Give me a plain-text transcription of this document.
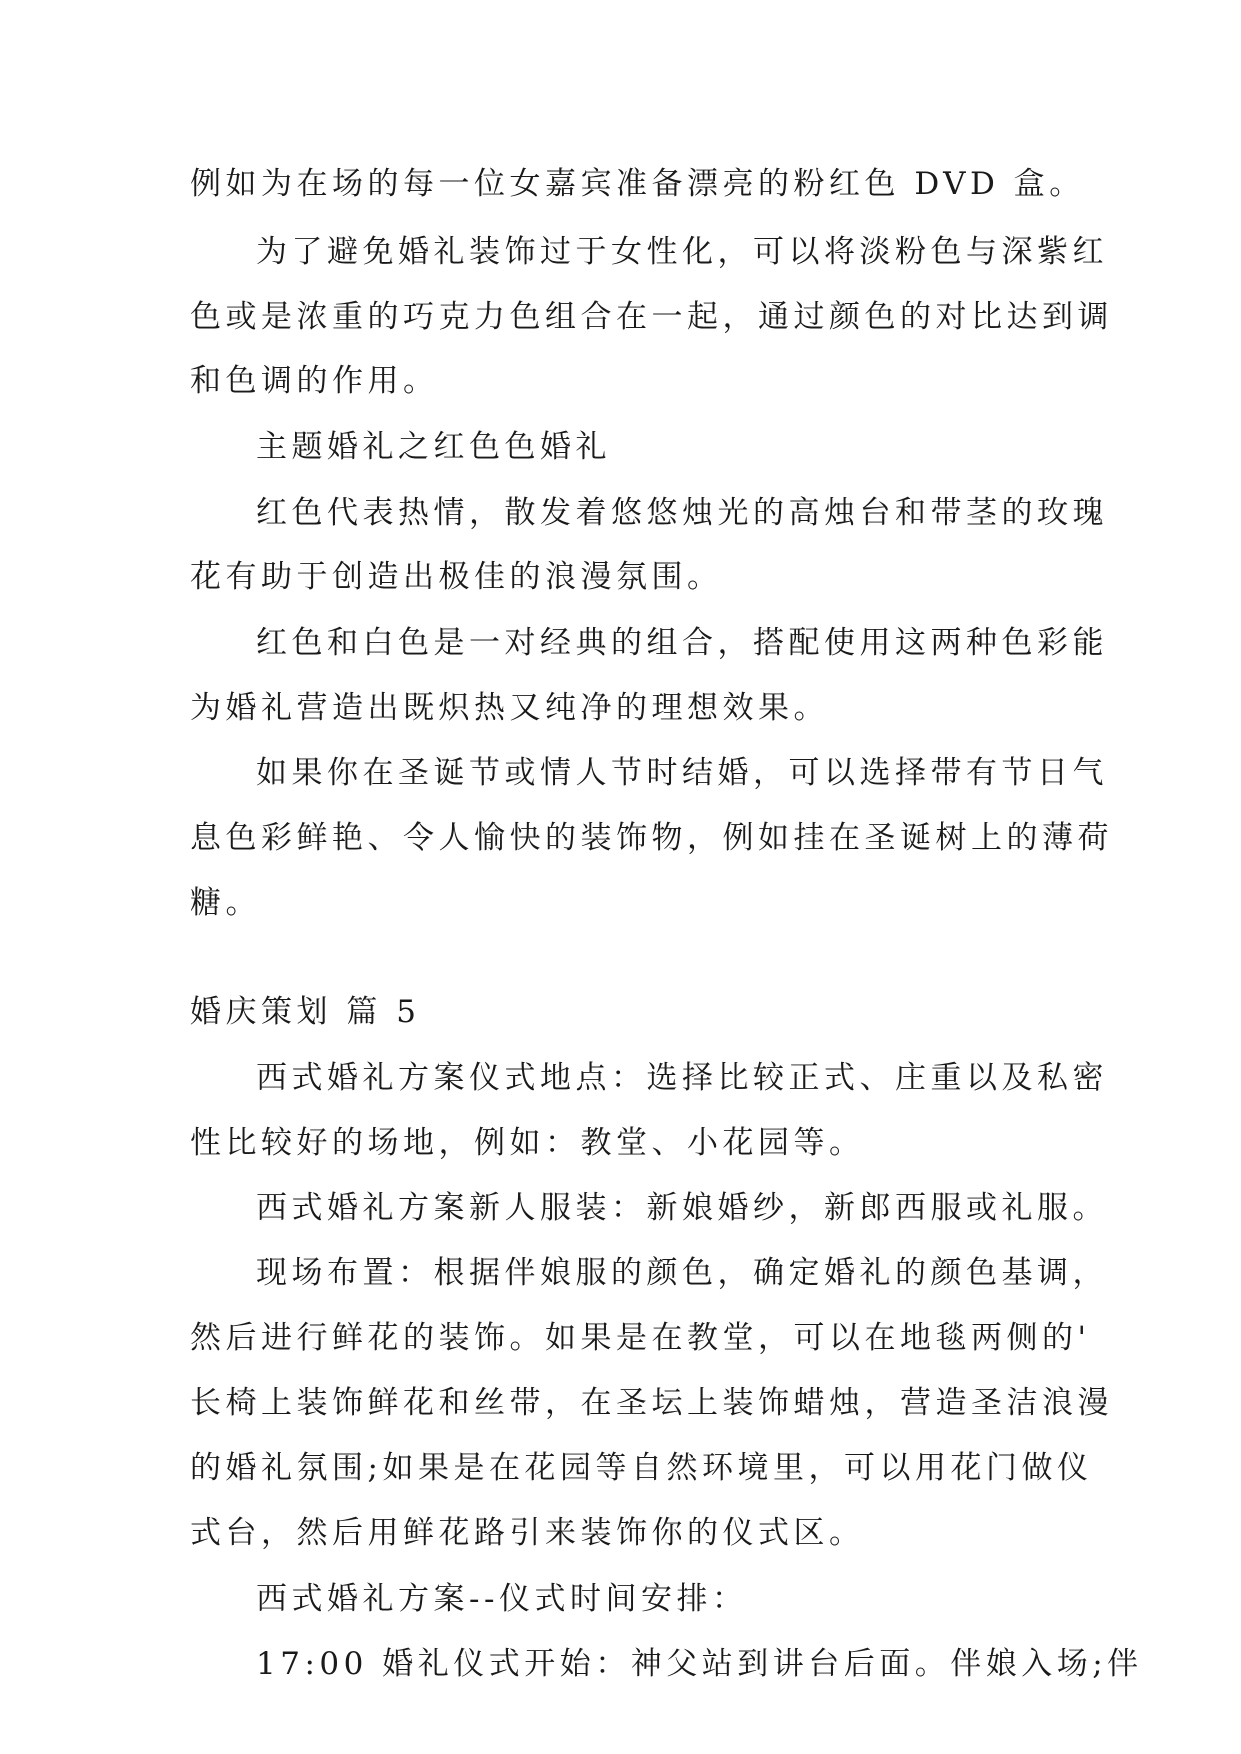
例如为在场的每一位女嘉宾准备漂亮的粉红色 DVD 盒。
为了避免婚礼装饰过于女性化，可以将淡粉色与深紫红
色或是浓重的巧克力色组合在一起，通过颜色的对比达到调
和色调的作用。
主题婚礼之红色色婚礼
红色代表热情，散发着悠悠烛光的高烛台和带茎的玫瑰
花有助于创造出极佳的浪漫氛围。
红色和白色是一对经典的组合，搭配使用这两种色彩能
为婚礼营造出既炽热又纯净的理想效果。
如果你在圣诞节或情人节时结婚，可以选择带有节日气
息色彩鲜艳、令人愉快的装饰物，例如挂在圣诞树上的薄荷
糖。
婚庆策划 篇 5
西式婚礼方案仪式地点：选择比较正式、庄重以及私密
性比较好的场地，例如：教堂、小花园等。
西式婚礼方案新人服装：新娘婚纱，新郎西服或礼服。
现场布置：根据伴娘服的颜色，确定婚礼的颜色基调，
然后进行鲜花的装饰。如果是在教堂，可以在地毯两侧的'
长椅上装饰鲜花和丝带，在圣坛上装饰蜡烛，营造圣洁浪漫
的婚礼氛围;如果是在花园等自然环境里，可以用花门做仪
式台，然后用鲜花路引来装饰你的仪式区。
西式婚礼方案--仪式时间安排：
17:00 婚礼仪式开始：神父站到讲台后面。伴娘入场;伴
